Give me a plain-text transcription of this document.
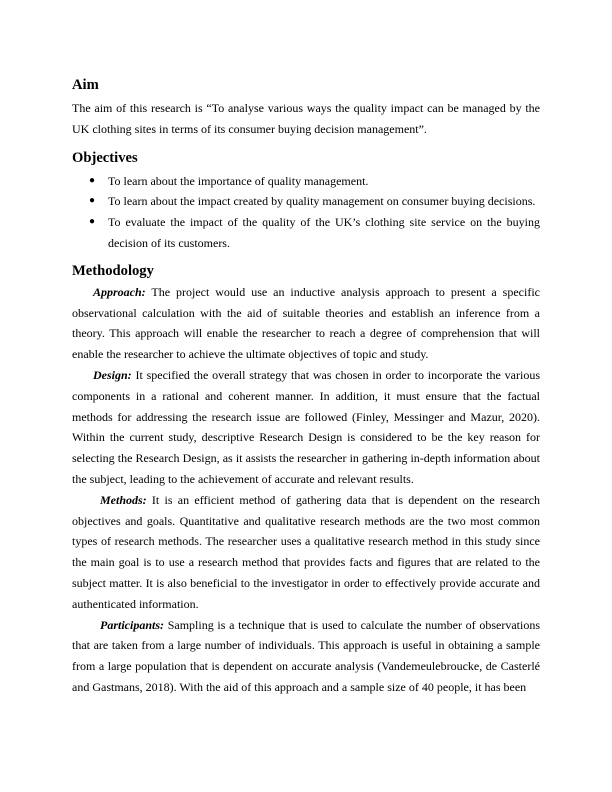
Aim

The aim of this research is “To analyse various ways the quality impact can be managed by the UK clothing sites in terms of its consumer buying decision management”.

Objectives
● To learn about the importance of quality management.
● To learn about the impact created by quality management on consumer buying decisions.
● To evaluate the impact of the quality of the UK’s clothing site service on the buying decision of its customers.
Methodology

Approach: The project would use an inductive analysis approach to present a specific observational calculation with the aid of suitable theories and establish an inference from a theory. This approach will enable the researcher to reach a degree of comprehension that will enable the researcher to achieve the ultimate objectives of topic and study.

Design: It specified the overall strategy that was chosen in order to incorporate the various components in a rational and coherent manner. In addition, it must ensure that the factual methods for addressing the research issue are followed (Finley, Messinger and Mazur, 2020). Within the current study, descriptive Research Design is considered to be the key reason for selecting the Research Design, as it assists the researcher in gathering in-depth information about the subject, leading to the achievement of accurate and relevant results.

Methods: It is an efficient method of gathering data that is dependent on the research objectives and goals. Quantitative and qualitative research methods are the two most common types of research methods. The researcher uses a qualitative research method in this study since the main goal is to use a research method that provides facts and figures that are related to the subject matter. It is also beneficial to the investigator in order to effectively provide accurate and authenticated information.

Participants: Sampling is a technique that is used to calculate the number of observations that are taken from a large number of individuals. This approach is useful in obtaining a sample from a large population that is dependent on accurate analysis (Vandemeulebroucke, de Casterlé and Gastmans, 2018). With the aid of this approach and a sample size of 40 people, it has been
